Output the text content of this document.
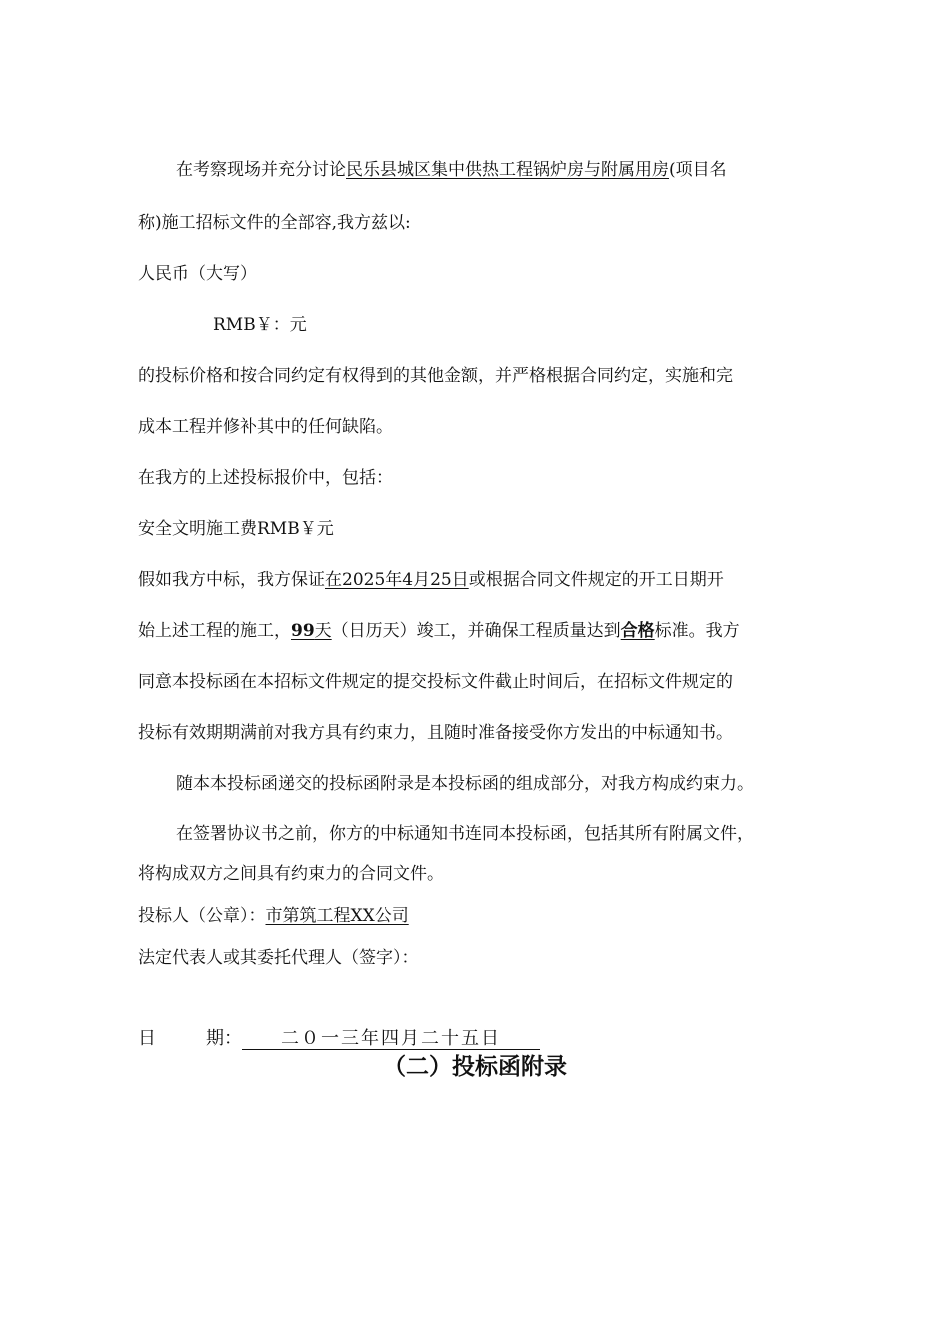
在考察现场并充分讨论民乐县城区集中供热工程锅炉房与附属用房(项目名
称)施工招标文件的全部容,我方兹以:
人民币（大写）
RMB￥：元
的投标价格和按合同约定有权得到的其他金额，并严格根据合同约定，实施和完
成本工程并修补其中的任何缺陷。
在我方的上述投标报价中，包括：
安全文明施工费RMB￥元
假如我方中标，我方保证在2025年4月25日或根据合同文件规定的开工日期开
始上述工程的施工，99天（日历天）竣工，并确保工程质量达到合格标准。我方
同意本投标函在本招标文件规定的提交投标文件截止时间后，在招标文件规定的
投标有效期期满前对我方具有约束力，且随时准备接受你方发出的中标通知书。
随本本投标函递交的投标函附录是本投标函的组成部分，对我方构成约束力。
在签署协议书之前，你方的中标通知书连同本投标函，包括其所有附属文件，
将构成双方之间具有约束力的合同文件。
投标人（公章）：市第筑工程XX公司
法定代表人或其委托代理人（签字）：
日	期： 二０一三年四月二十五日
（二）投标函附录
